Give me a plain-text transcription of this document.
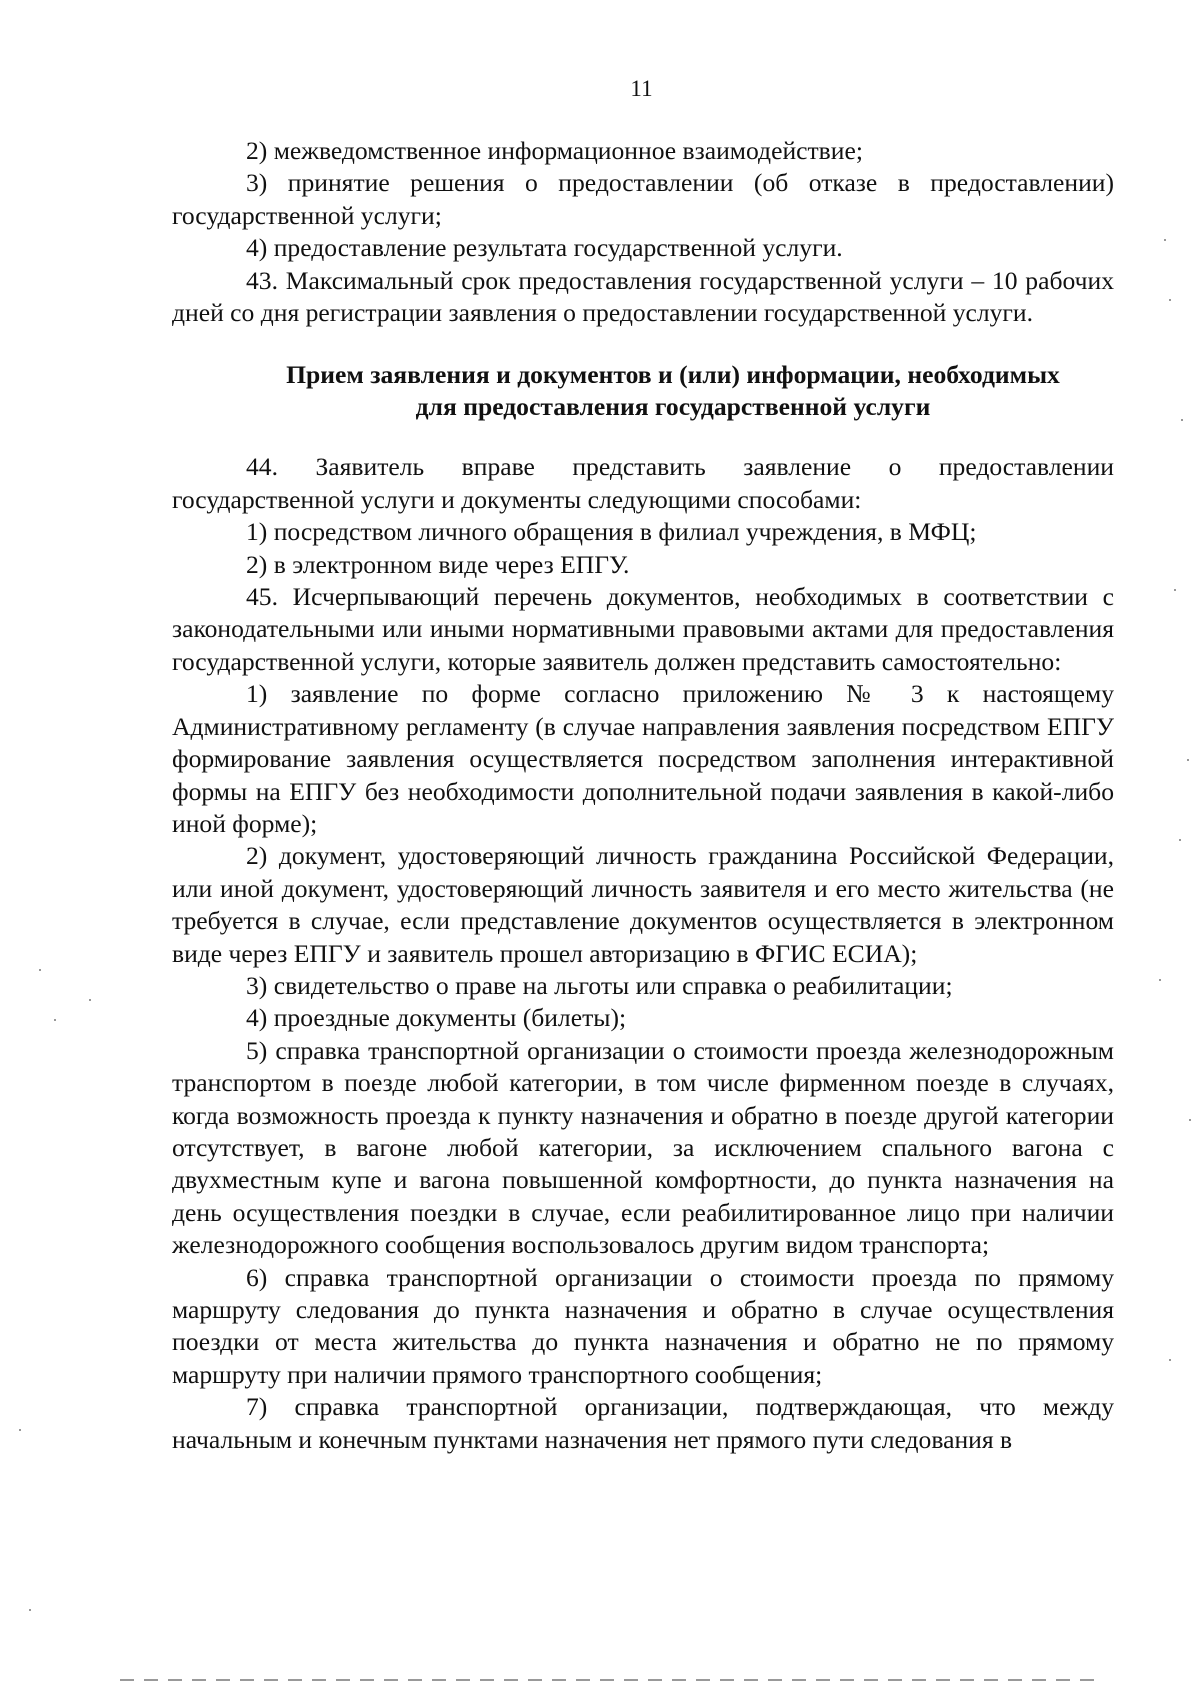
11

2) межведомственное информационное взаимодействие;

3) принятие решения о предоставлении (об отказе в предоставлении) государственной услуги;

4) предоставление результата государственной услуги.

43. Максимальный срок предоставления государственной услуги – 10 рабочих дней со дня регистрации заявления о предоставлении государственной услуги.

Прием заявления и документов и (или) информации, необходимых
для предоставления государственной услуги

44. Заявитель вправе представить заявление о предоставлении государственной услуги и документы следующими способами:

1) посредством личного обращения в филиал учреждения, в МФЦ;

2) в электронном виде через ЕПГУ.

45. Исчерпывающий перечень документов, необходимых в соответствии с законодательными или иными нормативными правовыми актами для предоставления государственной услуги, которые заявитель должен представить самостоятельно:

1) заявление по форме согласно приложению № 3 к настоящему Административному регламенту (в случае направления заявления посредством ЕПГУ формирование заявления осуществляется посредством заполнения интерактивной формы на ЕПГУ без необходимости дополнительной подачи заявления в какой-либо иной форме);

2) документ, удостоверяющий личность гражданина Российской Федерации, или иной документ, удостоверяющий личность заявителя и его место жительства (не требуется в случае, если представление документов осуществляется в электронном виде через ЕПГУ и заявитель прошел авторизацию в ФГИС ЕСИА);

3) свидетельство о праве на льготы или справка о реабилитации;

4) проездные документы (билеты);

5) справка транспортной организации о стоимости проезда железнодорожным транспортом в поезде любой категории, в том числе фирменном поезде в случаях, когда возможность проезда к пункту назначения и обратно в поезде другой категории отсутствует, в вагоне любой категории, за исключением спального вагона с двухместным купе и вагона повышенной комфортности, до пункта назначения на день осуществления поездки в случае, если реабилитированное лицо при наличии железнодорожного сообщения воспользовалось другим видом транспорта;

6) справка транспортной организации о стоимости проезда по прямому маршруту следования до пункта назначения и обратно в случае осуществления поездки от места жительства до пункта назначения и обратно не по прямому маршруту при наличии прямого транспортного сообщения;

7) справка транспортной организации, подтверждающая, что между начальным и конечным пунктами назначения нет прямого пути следования в
